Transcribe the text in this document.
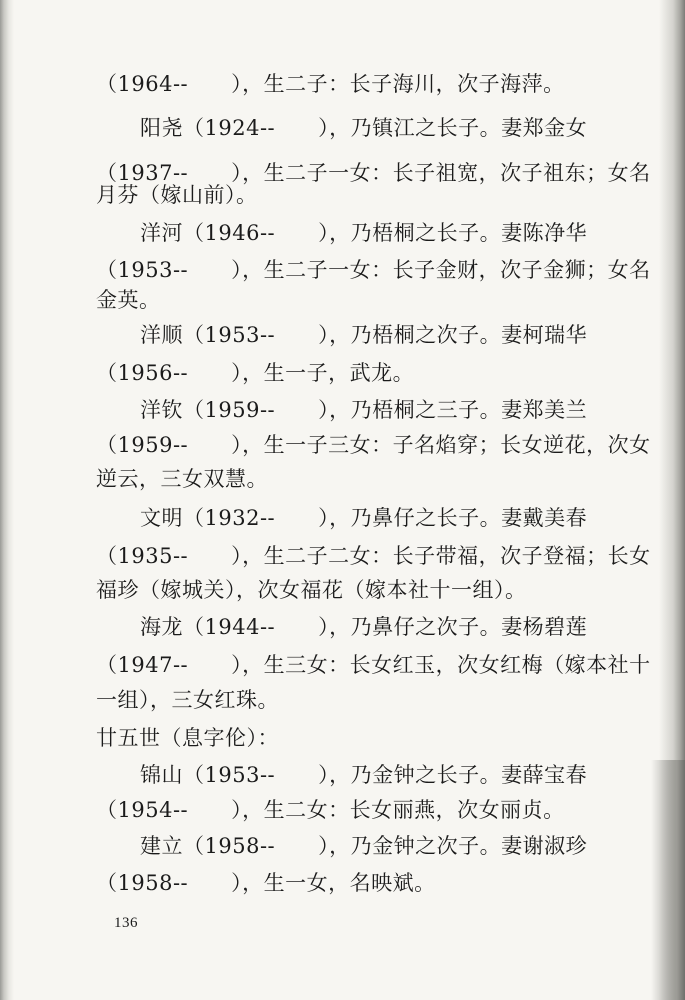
（1964--　　），生二子：长子海川，次子海萍。
阳尧（1924--　　），乃镇江之长子。妻郑金女
（1937--　　），生二子一女：长子祖宽，次子祖东；女名
月芬（嫁山前）。
洋河（1946--　　），乃梧桐之长子。妻陈净华
（1953--　　），生二子一女：长子金财，次子金狮；女名
金英。
洋顺（1953--　　），乃梧桐之次子。妻柯瑞华
（1956--　　），生一子，武龙。
洋钦（1959--　　），乃梧桐之三子。妻郑美兰
（1959--　　），生一子三女：子名焰穿；长女逆花，次女
逆云，三女双慧。
文明（1932--　　），乃鼻仔之长子。妻戴美春
（1935--　　），生二子二女：长子带福，次子登福；长女
福珍（嫁城关），次女福花（嫁本社十一组）。
海龙（1944--　　），乃鼻仔之次子。妻杨碧莲
（1947--　　），生三女：长女红玉，次女红梅（嫁本社十
一组），三女红珠。
廿五世（息字伦）：
锦山（1953--　　），乃金钟之长子。妻薛宝春
（1954--　　），生二女：长女丽燕，次女丽贞。
建立（1958--　　），乃金钟之次子。妻谢淑珍
（1958--　　），生一女，名映斌。
136
